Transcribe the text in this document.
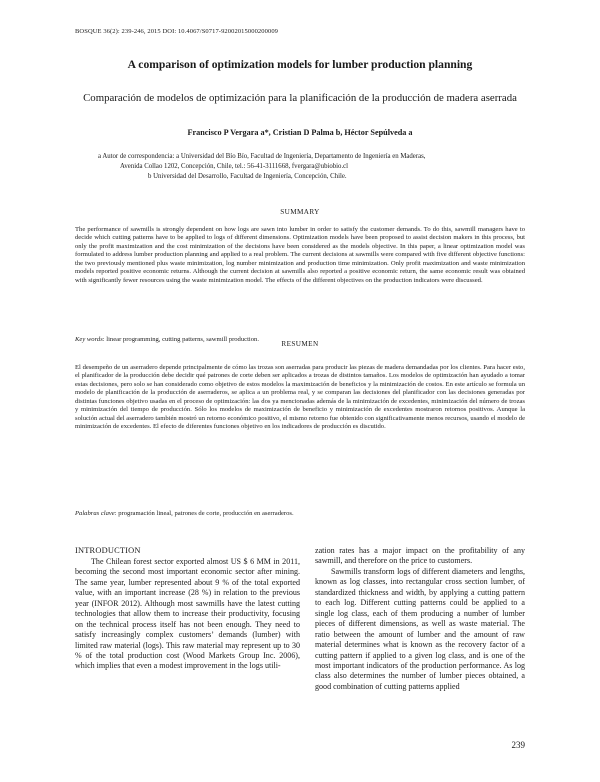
BOSQUE 36(2): 239-246, 2015 DOI: 10.4067/S0717-92002015000200009
A comparison of optimization models for lumber production planning
Comparación de modelos de optimización para la planificación de la producción de madera aserrada
Francisco P Vergara a*, Cristian D Palma b, Héctor Sepúlveda a

a Autor de correspondencia: a Universidad del Bío Bío, Facultad de Ingeniería, Departamento de Ingeniería en Maderas,

Avenida Collao 1202, Concepción, Chile, tel.: 56-41-3111668, fvergara@ubiobio.cl

b Universidad del Desarrollo, Facultad de Ingeniería, Concepción, Chile.

SUMMARY

The performance of sawmills is strongly dependent on how logs are sawn into lumber in order to satisfy the customer demands. To do this, sawmill managers have to decide which cutting patterns have to be applied to logs of different dimensions. Optimization models have been proposed to assist decision makers in this process, but only the profit maximization and the cost minimization of the decisions have been considered as the models objective. In this paper, a linear optimization model was formulated to address lumber production planning and applied to a real problem. The current decisions at sawmills were compared with five different objective functions: the two previously mentioned plus waste minimization, log number minimization and production time minimization. Only profit maximization and waste minimization models reported positive economic returns. Although the current decision at sawmills also reported a positive economic return, the same economic result was obtained with significantly fewer resources using the waste minimization model. The effects of the different objectives on the production indicators were discussed.

Key words: linear programming, cutting patterns, sawmill production.

RESUMEN

El desempeño de un aserradero depende principalmente de cómo las trozas son aserradas para producir las piezas de madera demandadas por los clientes. Para hacer esto, el planificador de la producción debe decidir qué patrones de corte deben ser aplicados a trozas de distintos tamaños. Los modelos de optimización han ayudado a tomar estas decisiones, pero solo se han considerado como objetivo de estos modelos la maximización de beneficios y la minimización de costos. En este artículo se formula un modelo de planificación de la producción de aserraderos, se aplica a un problema real, y se comparan las decisiones del planificador con las decisiones generadas por distintas funciones objetivo usadas en el proceso de optimización: las dos ya mencionadas además de la minimización de excedentes, minimización del número de trozas y minimización del tiempo de producción. Sólo los modelos de maximización de beneficio y minimización de excedentes mostraron retornos positivos. Aunque la solución actual del aserradero también mostró un retorno económico positivo, el mismo retorno fue obtenido con significativamente menos recursos, usando el modelo de minimización de excedentes. El efecto de diferentes funciones objetivo en los indicadores de producción es discutido.

Palabras clave: programación lineal, patrones de corte, producción en aserraderos.

INTRODUCTION

The Chilean forest sector exported almost US $ 6 MM in 2011, becoming the second most important economic sector after mining. The same year, lumber represented about 9 % of the total exported value, with an important increase (28 %) in relation to the previous year (INFOR 2012). Although most sawmills have the latest cutting technologies that allow them to increase their productivity, focusing on the technical process itself has not been enough. They need to satisfy increasingly complex customers’ demands (lumber) with limited raw material (logs). This raw material may represent up to 30 % of the total production cost (Wood Markets Group Inc. 2006), which implies that even a modest improvement in the logs utili-

zation rates has a major impact on the profitability of any sawmill, and therefore on the price to customers.

Sawmills transform logs of different diameters and lengths, known as log classes, into rectangular cross section lumber, of standardized thickness and width, by applying a cutting pattern to each log. Different cutting patterns could be applied to a single log class, each of them producing a number of lumber pieces of different dimensions, as well as waste material. The ratio between the amount of lumber and the amount of raw material determines what is known as the recovery factor of a cutting pattern if applied to a given log class, and is one of the most important indicators of the production performance. As log class also determines the number of lumber pieces obtained, a good combination of cutting patterns applied

239
